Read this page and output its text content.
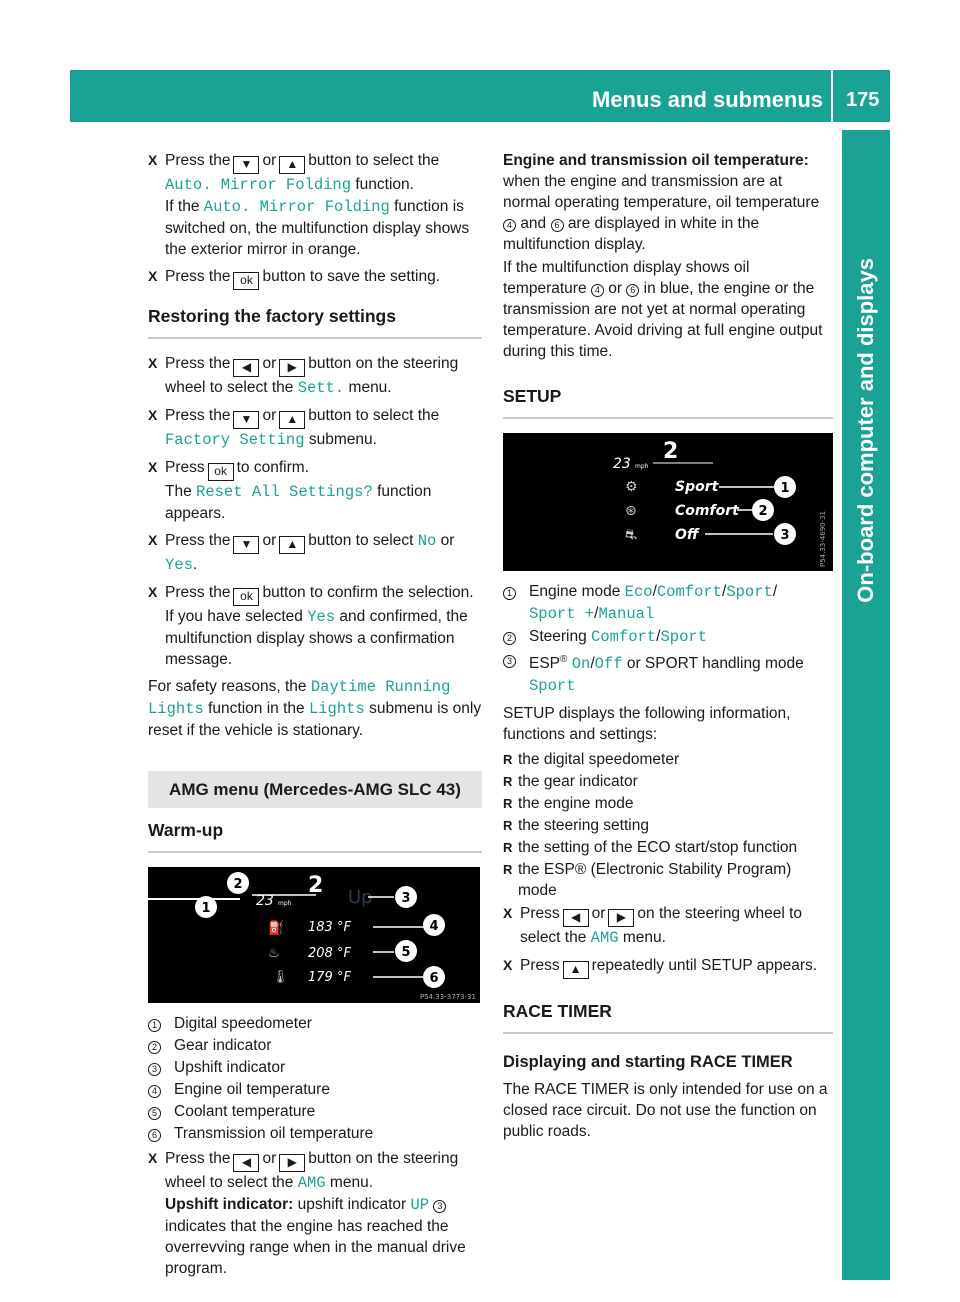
Menus and submenus 175
On-board computer and displays
X Press the ▼ or ▲ button to select the Auto. Mirror Folding function.
If the Auto. Mirror Folding function is switched on, the multifunction display shows the exterior mirror in orange.
X Press the ok button to save the setting.
Restoring the factory settings
X Press the ◀ or ▶ button on the steering wheel to select the Sett. menu.
X Press the ▼ or ▲ button to select the Factory Setting submenu.
X Press ok to confirm.
The Reset All Settings? function appears.
X Press the ▼ or ▲ button to select No or Yes.
X Press the ok button to confirm the selection.
If you have selected Yes and confirmed, the multifunction display shows a confirmation message.
For safety reasons, the Daytime Running Lights function in the Lights submenu is only reset if the vehicle is stationary.
AMG menu (Mercedes-AMG SLC 43)
Warm-up
23 mph
2 Up
⛽ 183 °F
♨ 208 °F
🌡 179 °F
1
2
3
4
5
6
P54.33-3773-31
1	Digital speedometer
2	Gear indicator
3	Upshift indicator
4	Engine oil temperature
5	Coolant temperature
6	Transmission oil temperature
X Press the ◀ or ▶ button on the steering wheel to select the AMG menu.
Upshift indicator: upshift indicator UP 3 indicates that the engine has reached the overrevving range when in the manual drive program.
Engine and transmission oil temperature: when the engine and transmission are at normal operating temperature, oil temperature 4 and 6 are displayed in white in the multifunction display.
If the multifunction display shows oil temperature 4 or 6 in blue, the engine or the transmission are not yet at normal operating temperature. Avoid driving at full engine output during this time.
SETUP
23 mph
2
⚙	Sport
⊛	Comfort
⛐	Off
1
2
3	P54.33-4690-31
1	Engine mode Eco/Comfort/Sport/
Sport +/Manual
2	Steering Comfort/Sport
3	ESP® On/Off or SPORT handling mode
Sport
SETUP displays the following information, functions and settings:
R the digital speedometer
R the gear indicator
R the engine mode
R the steering setting
R the setting of the ECO start/stop function
R the ESP® (Electronic Stability Program) mode
X Press ◀ or ▶ on the steering wheel to select the AMG menu.
X Press ▲ repeatedly until SETUP appears.
RACE TIMER
Displaying and starting RACE TIMER
The RACE TIMER is only intended for use on a closed race circuit. Do not use the function on public roads.
